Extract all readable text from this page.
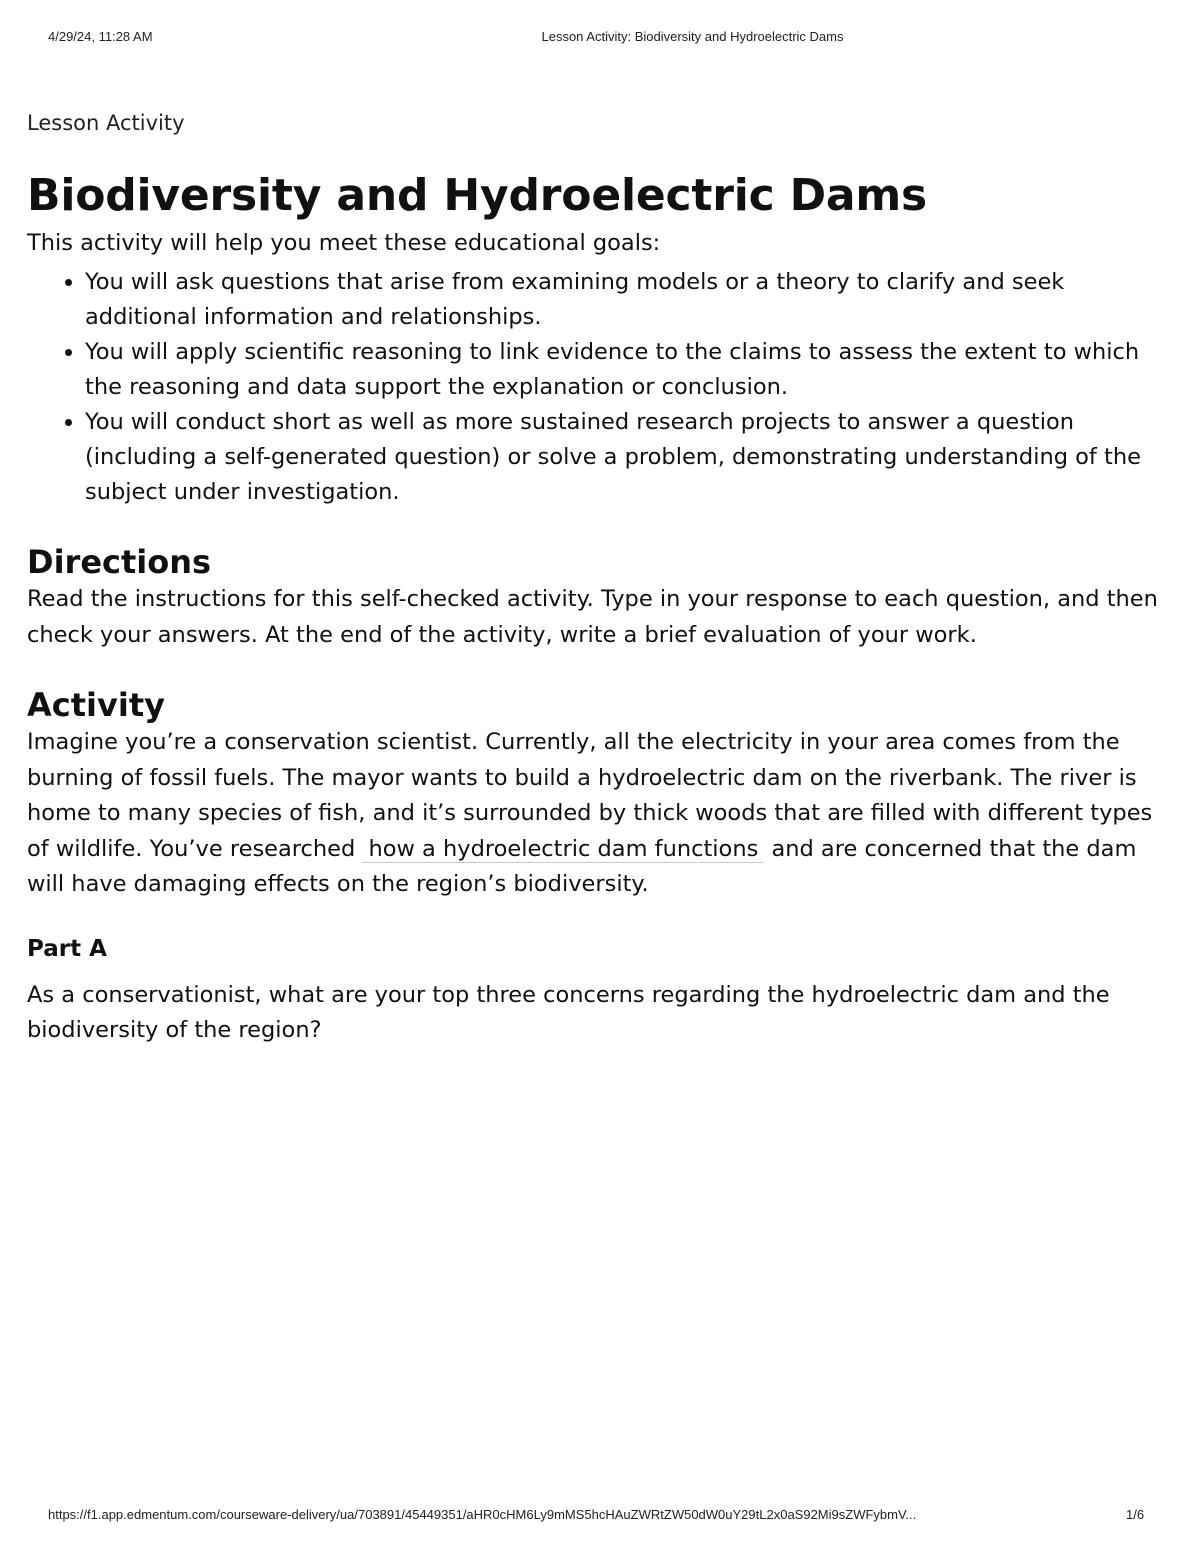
4/29/24, 11:28 AM	Lesson Activity: Biodiversity and Hydroelectric Dams

Lesson Activity

Biodiversity and Hydroelectric Dams

This activity will help you meet these educational goals:

• You will ask questions that arise from examining models or a theory to clarify and seek additional information and relationships.
• You will apply scientific reasoning to link evidence to the claims to assess the extent to which the reasoning and data support the explanation or conclusion.
• You will conduct short as well as more sustained research projects to answer a question (including a self-generated question) or solve a problem, demonstrating understanding of the subject under investigation.
Directions

Read the instructions for this self-checked activity. Type in your response to each question, and then check your answers. At the end of the activity, write a brief evaluation of your work.

Activity

Imagine you’re a conservation scientist. Currently, all the electricity in your area comes from the burning of fossil fuels. The mayor wants to build a hydroelectric dam on the riverbank. The river is home to many species of fish, and it’s surrounded by thick woods that are filled with different types of wildlife. You’ve researched how a hydroelectric dam functions and are concerned that the dam will have damaging effects on the region’s biodiversity.

Part A

As a conservationist, what are your top three concerns regarding the hydroelectric dam and the biodiversity of the region?

https://f1.app.edmentum.com/courseware-delivery/ua/703891/45449351/aHR0cHM6Ly9mMS5hcHAuZWRtZW50dW0uY29tL2x0aS92Mi9sZWFybmV...	1/6
